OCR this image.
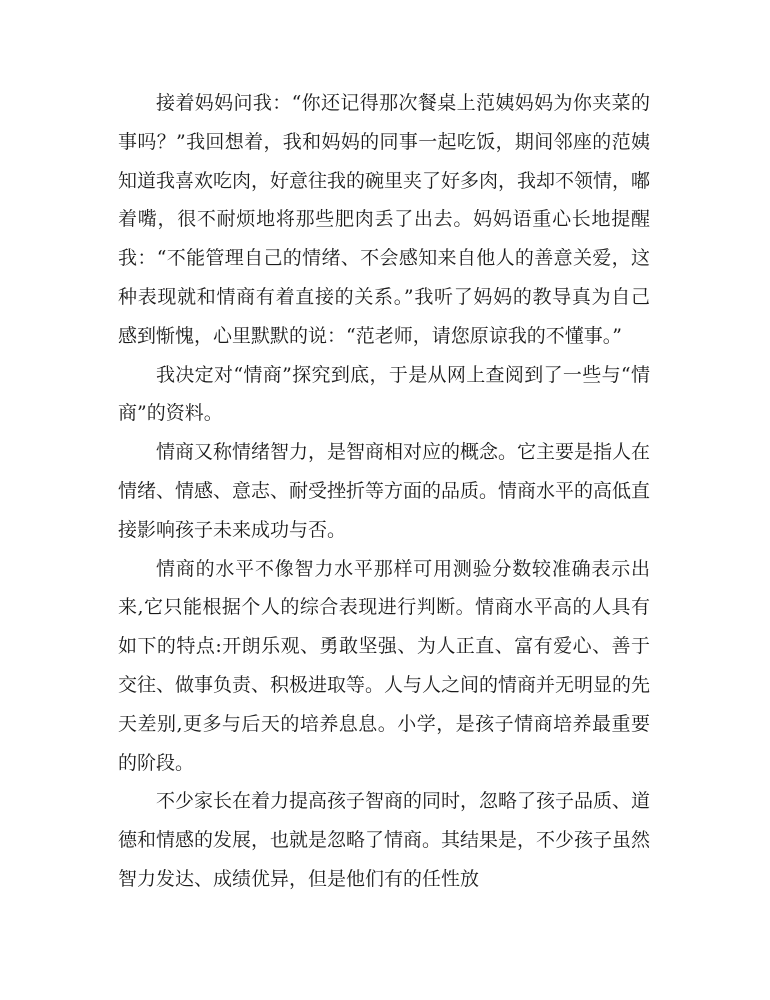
接着妈妈问我：“你还记得那次餐桌上范姨妈妈为你夹菜的事吗？”我回想着，我和妈妈的同事一起吃饭，期间邻座的范姨知道我喜欢吃肉，好意往我的碗里夹了好多肉，我却不领情，嘟着嘴，很不耐烦地将那些肥肉丢了出去。妈妈语重心长地提醒我：“不能管理自己的情绪、不会感知来自他人的善意关爱，这种表现就和情商有着直接的关系。”我听了妈妈的教导真为自己感到惭愧，心里默默的说：“范老师，请您原谅我的不懂事。”

我决定对“情商”探究到底，于是从网上查阅到了一些与“情商”的资料。

情商又称情绪智力，是智商相对应的概念。它主要是指人在情绪、情感、意志、耐受挫折等方面的品质。情商水平的高低直接影响孩子未来成功与否。

情商的水平不像智力水平那样可用测验分数较准确表示出来,它只能根据个人的综合表现进行判断。情商水平高的人具有如下的特点:开朗乐观、勇敢坚强、为人正直、富有爱心、善于交往、做事负责、积极进取等。人与人之间的情商并无明显的先天差别,更多与后天的培养息息。小学，是孩子情商培养最重要的阶段。

不少家长在着力提高孩子智商的同时，忽略了孩子品质、道德和情感的发展，也就是忽略了情商。其结果是，不少孩子虽然智力发达、成绩优异，但是他们有的任性放
